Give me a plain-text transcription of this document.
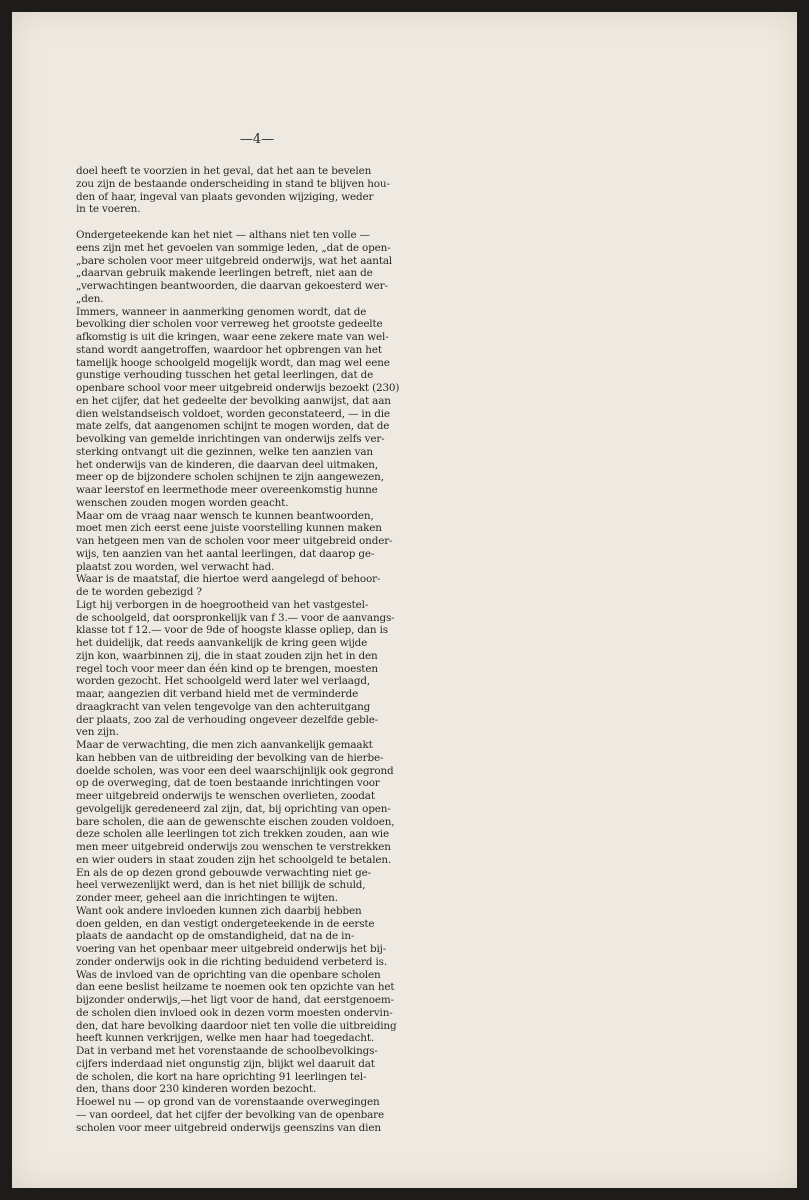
—4—
doel heeft te voorzien in het geval, dat het aan te bevelen
zou zijn de bestaande onderscheiding in stand te blijven hou-
den of haar, ingeval van plaats gevonden wijziging, weder
in te voeren.
Ondergeteekende kan het niet — althans niet ten volle —
eens zijn met het gevoelen van sommige leden, „dat de open-
„bare scholen voor meer uitgebreid onderwijs, wat het aantal
„daarvan gebruik makende leerlingen betreft, niet aan de
„verwachtingen beantwoorden, die daarvan gekoesterd wer-
„den.
Immers, wanneer in aanmerking genomen wordt, dat de
bevolking dier scholen voor verreweg het grootste gedeelte
afkomstig is uit die kringen, waar eene zekere mate van wel-
stand wordt aangetroffen, waardoor het opbrengen van het
tamelijk hooge schoolgeld mogelijk wordt, dan mag wel eene
gunstige verhouding tusschen het getal leerlingen, dat de
openbare school voor meer uitgebreid onderwijs bezoekt (230)
en het cijfer, dat het gedeelte der bevolking aanwijst, dat aan
dien welstandseisch voldoet, worden geconstateerd, — in die
mate zelfs, dat aangenomen schijnt te mogen worden, dat de
bevolking van gemelde inrichtingen van onderwijs zelfs ver-
sterking ontvangt uit die gezinnen, welke ten aanzien van
het onderwijs van de kinderen, die daarvan deel uitmaken,
meer op de bijzondere scholen schijnen te zijn aangewezen,
waar leerstof en leermethode meer overeenkomstig hunne
wenschen zouden mogen worden geacht.
Maar om de vraag naar wensch te kunnen beantwoorden,
moet men zich eerst eene juiste voorstelling kunnen maken
van hetgeen men van de scholen voor meer uitgebreid onder-
wijs, ten aanzien van het aantal leerlingen, dat daarop ge-
plaatst zou worden, wel verwacht had.
Waar is de maatstaf, die hiertoe werd aangelegd of behoor-
de te worden gebezigd ?
Ligt hij verborgen in de hoegrootheid van het vastgestel-
de schoolgeld, dat oorspronkelijk van f 3.— voor de aanvangs-
klasse tot f 12.— voor de 9de of hoogste klasse opliep, dan is
het duidelijk, dat reeds aanvankelijk de kring geen wijde
zijn kon, waarbinnen zij, die in staat zouden zijn het in den
regel toch voor meer dan één kind op te brengen, moesten
worden gezocht. Het schoolgeld werd later wel verlaagd,
maar, aangezien dit verband hield met de verminderde
draagkracht van velen tengevolge van den achteruitgang
der plaats, zoo zal de verhouding ongeveer dezelfde geble-
ven zijn.
Maar de verwachting, die men zich aanvankelijk gemaakt
kan hebben van de uitbreiding der bevolking van de hierbe-
doelde scholen, was voor een deel waarschijnlijk ook gegrond
op de overweging, dat de toen bestaande inrichtingen voor
meer uitgebreid onderwijs te wenschen overlieten, zoodat
gevolgelijk geredeneerd zal zijn, dat, bij oprichting van open-
bare scholen, die aan de gewenschte eischen zouden voldoen,
deze scholen alle leerlingen tot zich trekken zouden, aan wie
men meer uitgebreid onderwijs zou wenschen te verstrekken
en wier ouders in staat zouden zijn het schoolgeld te betalen.
En als de op dezen grond gebouwde verwachting niet ge-
heel verwezenlijkt werd, dan is het niet billijk de schuld,
zonder meer, geheel aan die inrichtingen te wijten.
Want ook andere invloeden kunnen zich daarbij hebben
doen gelden, en dan vestigt ondergeteekende in de eerste
plaats de aandacht op de omstandigheid, dat na de in-
voering van het openbaar meer uitgebreid onderwijs het bij-
zonder onderwijs ook in die richting beduidend verbeterd is.
Was de invloed van de oprichting van die openbare scholen
dan eene beslist heilzame te noemen ook ten opzichte van het
bijzonder onderwijs,—het ligt voor de hand, dat eerstgenoem-
de scholen dien invloed ook in dezen vorm moesten ondervin-
den, dat hare bevolking daardoor niet ten volle die uitbreiding
heeft kunnen verkrijgen, welke men haar had toegedacht.
Dat in verband met het vorenstaande de schoolbevolkings-
cijfers inderdaad niet ongunstig zijn, blijkt wel daaruit dat
de scholen, die kort na hare oprichting 91 leerlingen tel-
den, thans door 230 kinderen worden bezocht.
Hoewel nu — op grond van de vorenstaande overwegingen
— van oordeel, dat het cijfer der bevolking van de openbare
scholen voor meer uitgebreid onderwijs geenszins van dien
